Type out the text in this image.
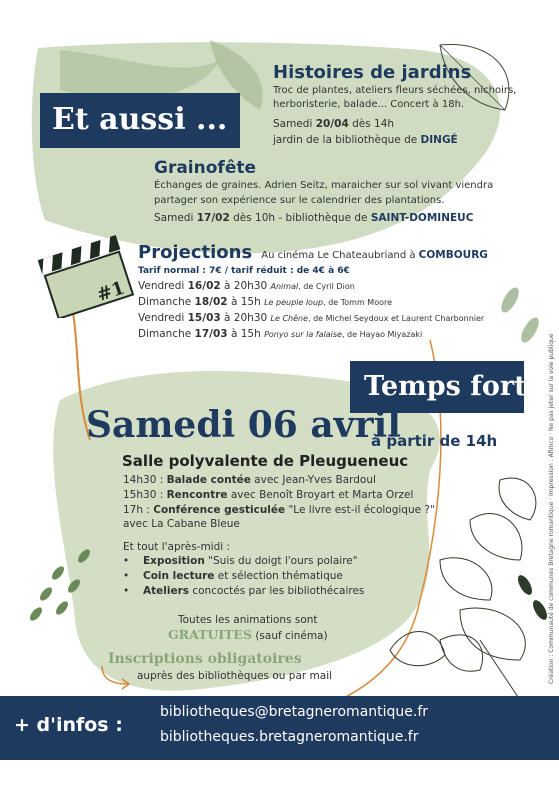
#1
Et aussi ...
Histoires de jardins
Troc de plantes, ateliers fleurs séchées, nichoirs,
herboristerie, balade... Concert à 18h.
Samedi 20/04 dès 14h
jardin de la bibliothèque de DINGÉ
Grainofête
Échanges de graines. Adrien Seitz, maraicher sur sol vivant viendra
partager son expérience sur le calendrier des plantations.
Samedi 17/02 dès 10h - bibliothèque de SAINT-DOMINEUC
Projections Au cinéma Le Chateaubriand à COMBOURG
Tarif normal : 7€ / tarif réduit : de 4€ à 6€
Vendredi 16/02 à 20h30 Animal, de Cyril Dion
Dimanche 18/02 à 15h Le peuple loup, de Tomm Moore
Vendredi 15/03 à 20h30 Le Chêne, de Michel Seydoux et Laurent Charbonnier
Dimanche 17/03 à 15h Ponyo sur la falaise, de Hayao Miyazaki
Temps fort
Samedi 06 avril
à partir de 14h
Salle polyvalente de Pleugueneuc
14h30 : Balade contée avec Jean-Yves Bardoul
15h30 : Rencontre avec Benoît Broyart et Marta Orzel
17h : Conférence gesticulée "Le livre est-il écologique ?"
avec La Cabane Bleue
Et tout l'après-midi :
• Exposition "Suis du doigt l'ours polaire"
• Coin lecture et sélection thématique
• Ateliers concoctés par les bibliothécaires
Toutes les animations sont
GRATUITES (sauf cinéma)
Inscriptions obligatoires
auprès des bibliothèques ou par mail
+ d'infos :
bibliotheques@bretagneromantique.fr
bibliotheques.bretagneromantique.fr
Création : Communauté de communes Bretagne romantique · Impression : Afimco · Ne pas jeter sur la voie publique
